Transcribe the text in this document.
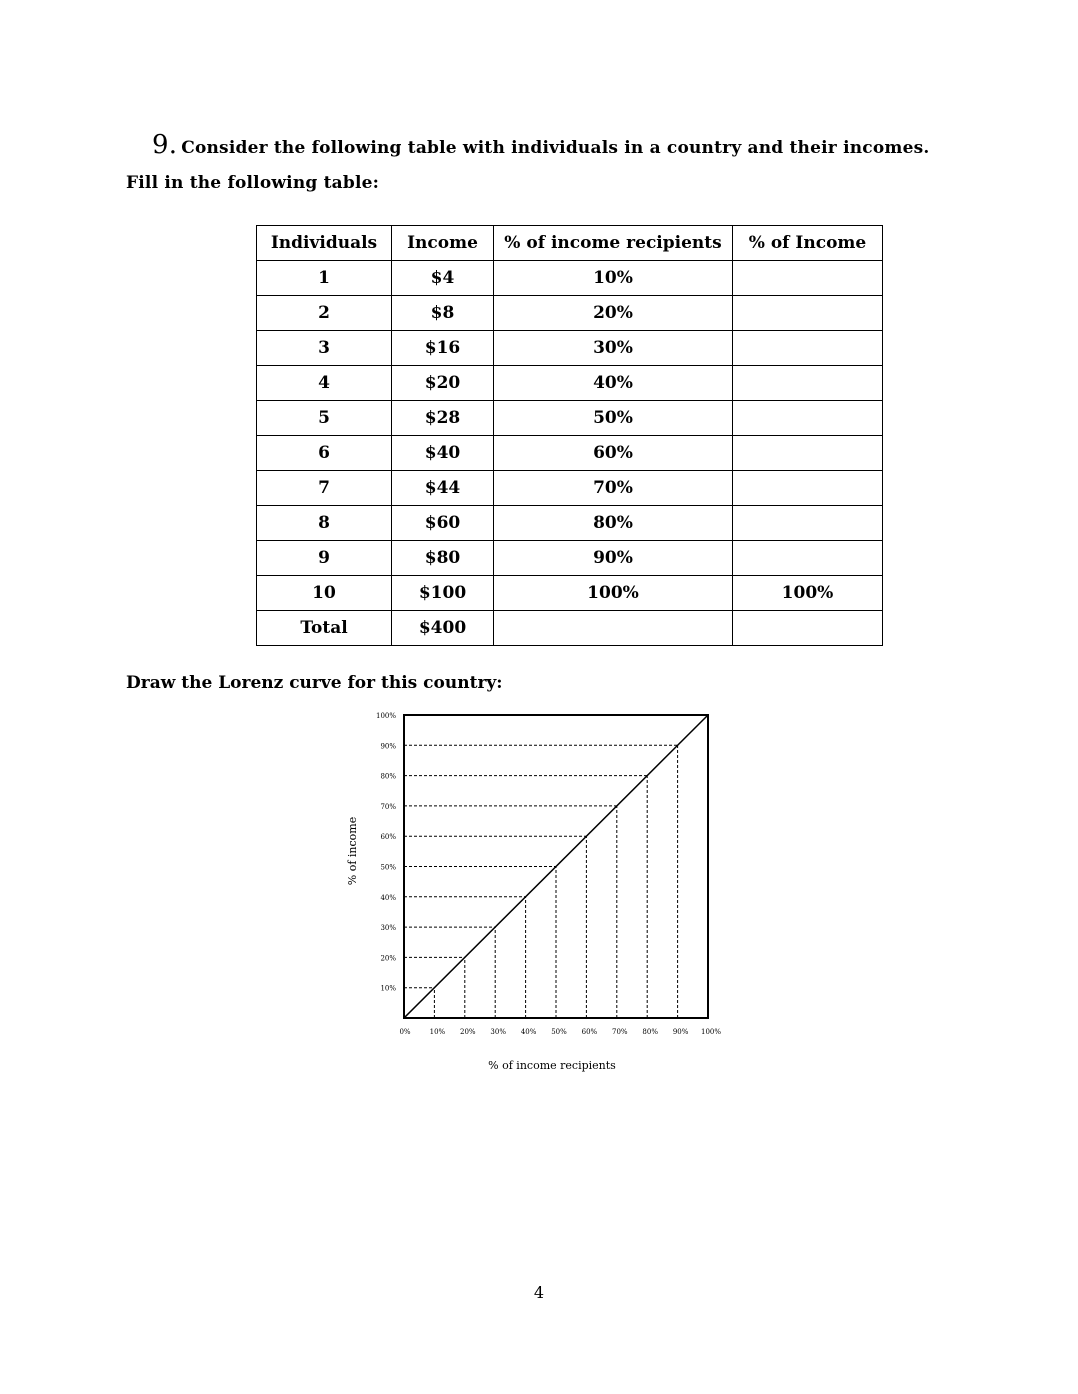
9. Consider the following table with individuals in a country and their incomes. Fill in the following table:
Individuals	Income	% of income recipients	% of Income
1	$4	10%	
2	$8	20%	
3	$16	30%	
4	$20	40%	
5	$28	50%	
6	$40	60%	
7	$44	70%	
8	$60	80%	
9	$80	90%	
10	$100	100%	100%
Total	$400		
Draw the Lorenz curve for this country:
10%
20%
30%
40%
50%
60%
70%
80%
90%
100%
0%	10% 20% 30% 40% 50% 60% 70% 80% 90% 100%
% of income recipients
% of income
4
